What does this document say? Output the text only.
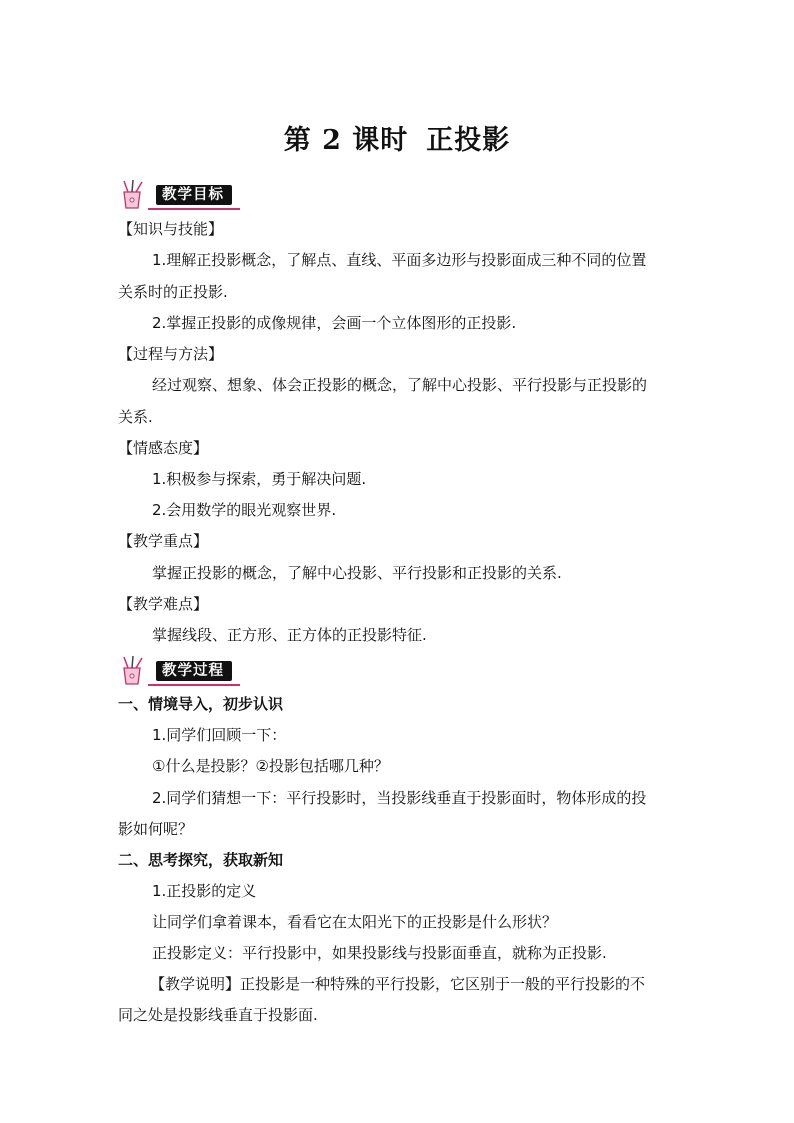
第 2 课时 正投影
教学目标
【知识与技能】
1.理解正投影概念，了解点、直线、平面多边形与投影面成三种不同的位置
关系时的正投影.
2.掌握正投影的成像规律，会画一个立体图形的正投影.
【过程与方法】
经过观察、想象、体会正投影的概念，了解中心投影、平行投影与正投影的
关系.
【情感态度】
1.积极参与探索，勇于解决问题.
2.会用数学的眼光观察世界.
【教学重点】
掌握正投影的概念，了解中心投影、平行投影和正投影的关系.
【教学难点】
掌握线段、正方形、正方体的正投影特征.
教学过程
一、情境导入，初步认识
1.同学们回顾一下：
①什么是投影？②投影包括哪几种？
2.同学们猜想一下：平行投影时，当投影线垂直于投影面时，物体形成的投
影如何呢？
二、思考探究，获取新知
1.正投影的定义
让同学们拿着课本，看看它在太阳光下的正投影是什么形状？
正投影定义：平行投影中，如果投影线与投影面垂直，就称为正投影.
【教学说明】正投影是一种特殊的平行投影，它区别于一般的平行投影的不
同之处是投影线垂直于投影面.
